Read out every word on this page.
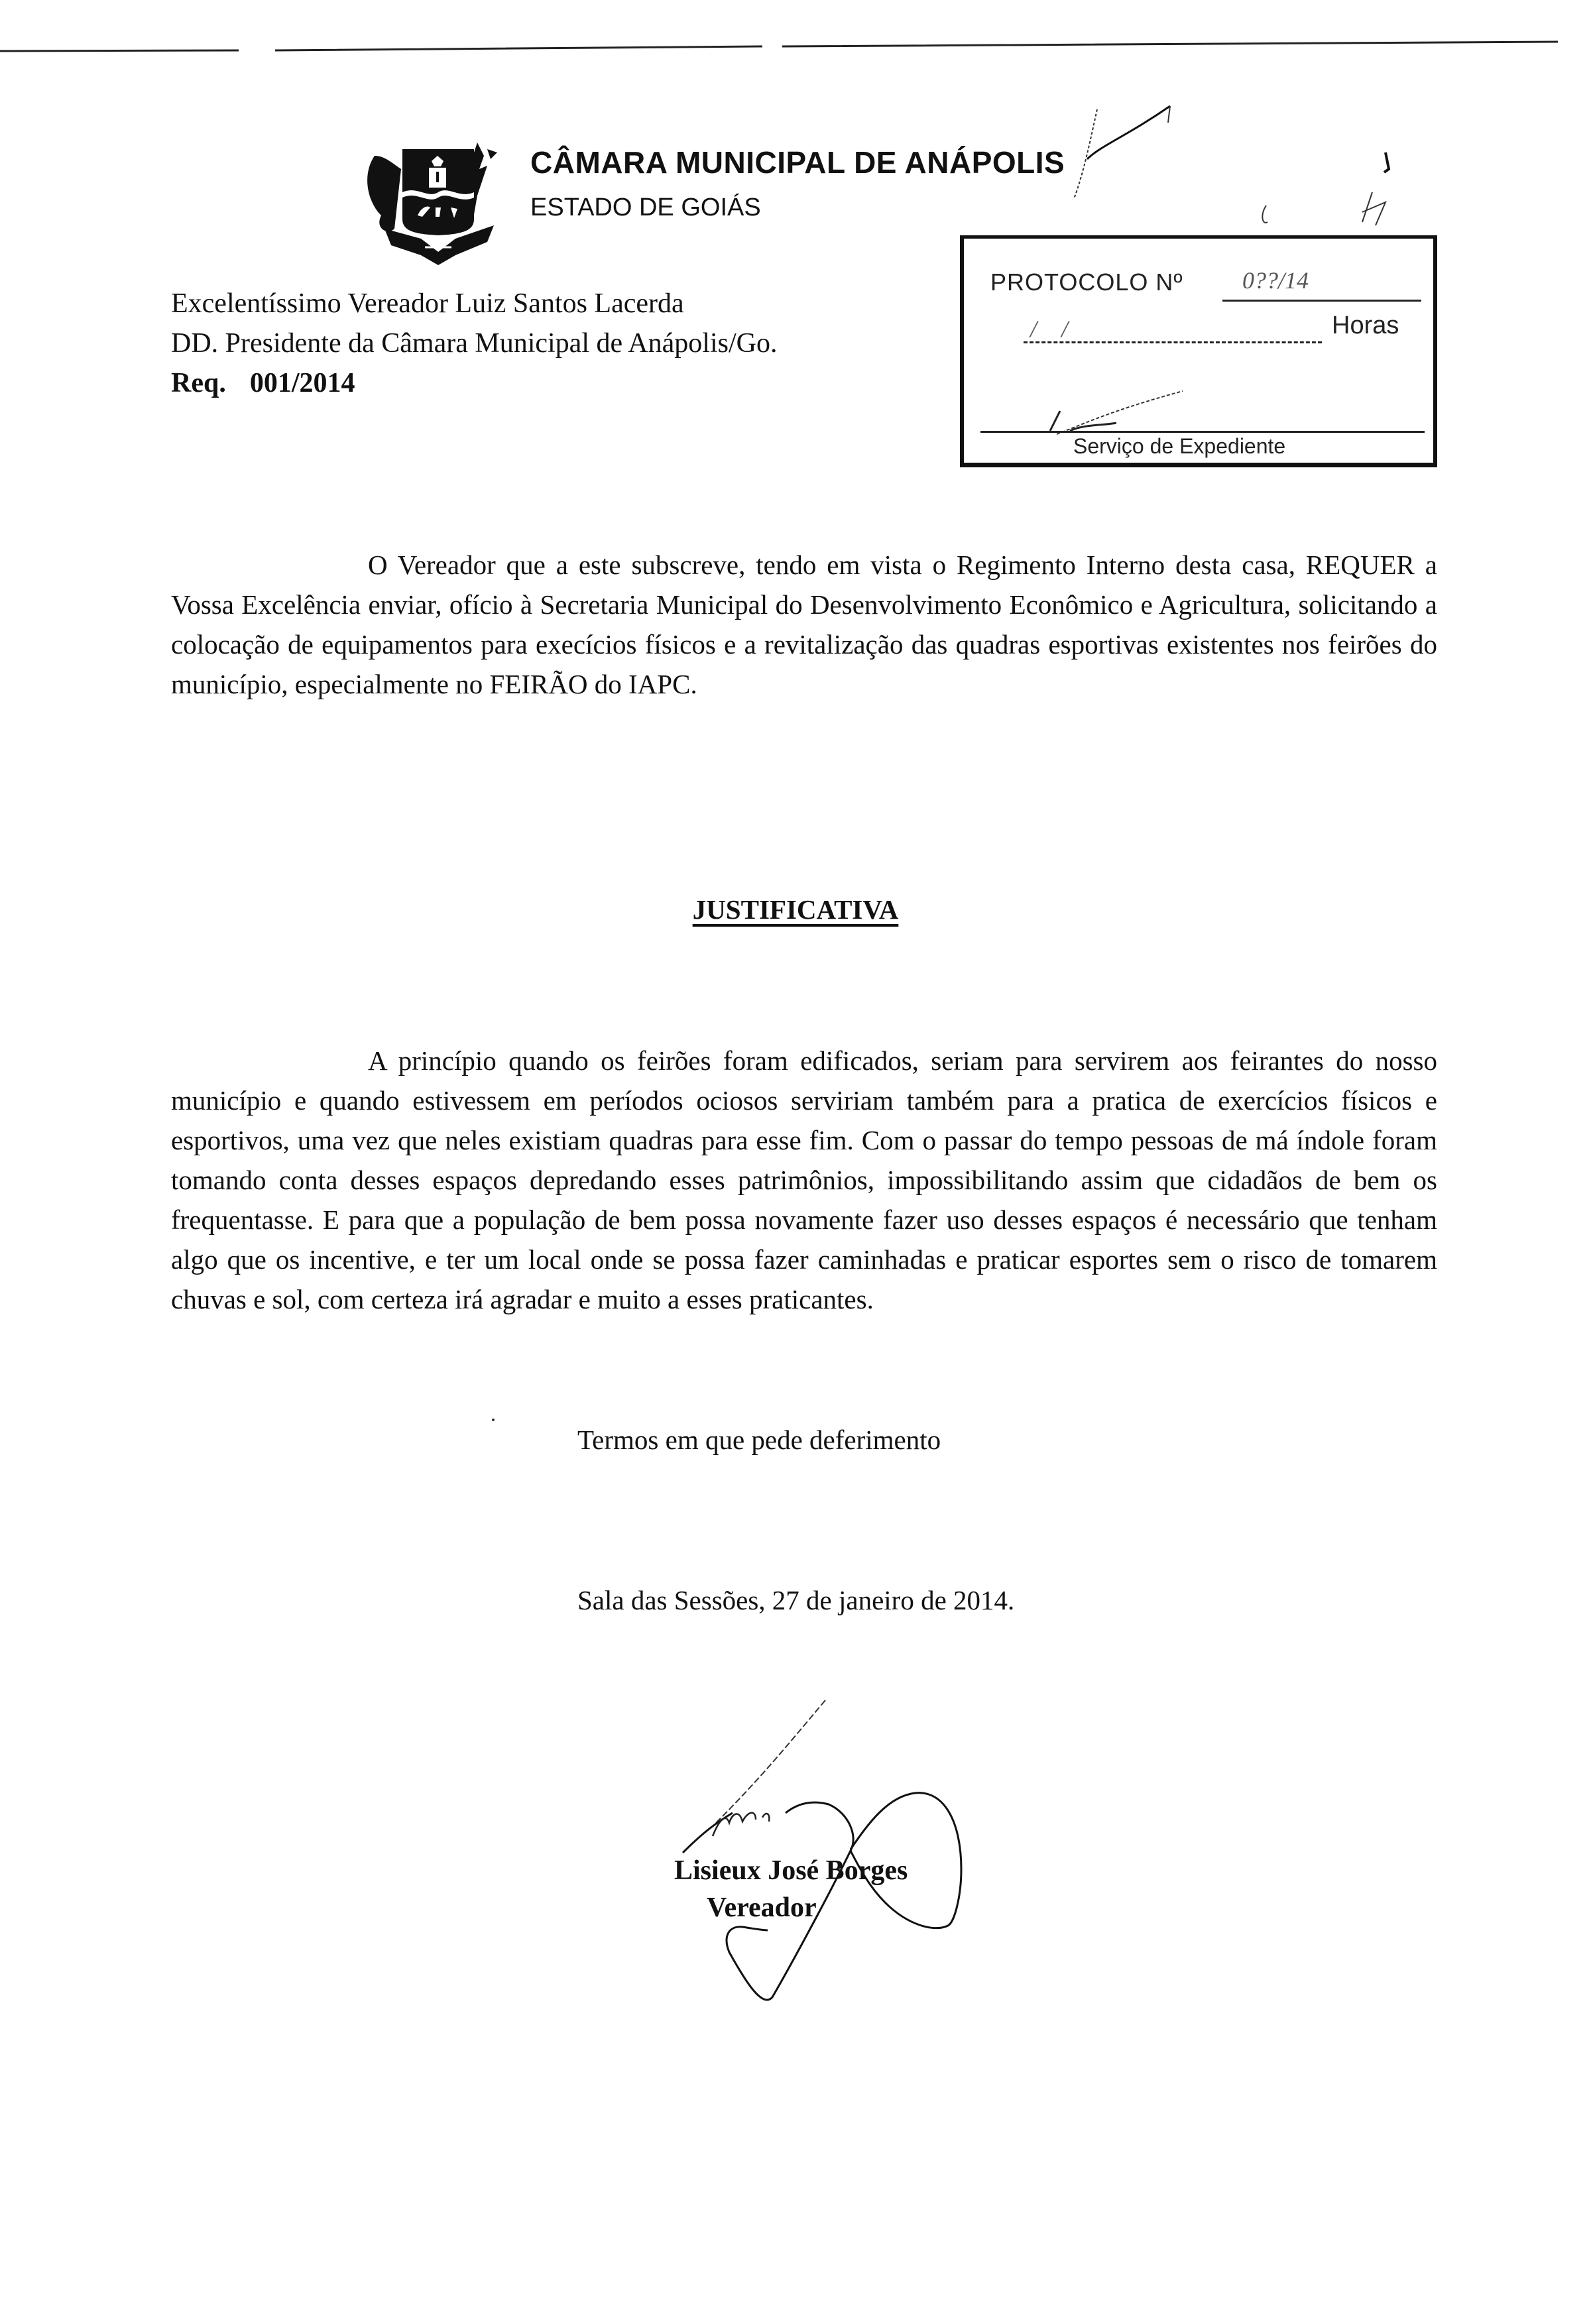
CÂMARA MUNICIPAL DE ANÁPOLIS
ESTADO DE GOIÁS
Excelentíssimo Vereador Luiz Santos Lacerda
DD. Presidente da Câmara Municipal de Anápolis/Go.
Req. 001/2014
PROTOCOLO Nº 0??/14
/ /	Horas
Serviço de Expediente
O Vereador que a este subscreve, tendo em vista o Regimento Interno desta casa, REQUER a Vossa Excelência enviar, ofício à Secretaria Municipal do Desenvolvimento Econômico e Agricultura, solicitando a colocação de equipamentos para execícios físicos e a revitalização das quadras esportivas existentes nos feirões do município, especialmente no FEIRÃO do IAPC.
JUSTIFICATIVA
A princípio quando os feirões foram edificados, seriam para servirem aos feirantes do nosso município e quando estivessem em períodos ociosos serviriam também para a pratica de exercícios físicos e esportivos, uma vez que neles existiam quadras para esse fim. Com o passar do tempo pessoas de má índole foram tomando conta desses espaços depredando esses patrimônios, impossibilitando assim que cidadãos de bem os frequentasse. E para que a população de bem possa novamente fazer uso desses espaços é necessário que tenham algo que os incentive, e ter um local onde se possa fazer caminhadas e praticar esportes sem o risco de tomarem chuvas e sol, com certeza irá agradar e muito a esses praticantes.
Termos em que pede deferimento
Sala das Sessões, 27 de janeiro de 2014.
Lisieux José Borges
Vereador
